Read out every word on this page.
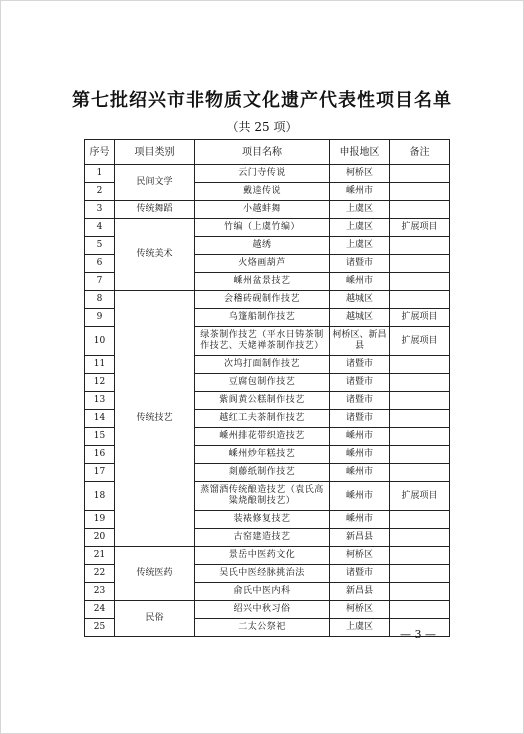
第七批绍兴市非物质文化遗产代表性项目名单
（共 25 项）
序号	项目类别	项目名称	申报地区	备注
1	民间文学	云门寺传说	柯桥区	
2		戴逵传说	嵊州市	
3	传统舞蹈	小越蚌舞	上虞区	
4	传统美术	竹编（上虞竹编）	上虞区	扩展项目
5		越绣	上虞区	
6		火烙画葫芦	诸暨市	
7		嵊州盆景技艺	嵊州市	
8	传统技艺	会稽砖砚制作技艺	越城区	
9		乌篷船制作技艺	越城区	扩展项目
10		绿茶制作技艺（平水日铸茶制作技艺、天姥禅茶制作技艺）	柯桥区、新昌县	扩展项目
11		次坞打面制作技艺	诸暨市	
12		豆腐包制作技艺	诸暨市	
13		紫阆黄公糕制作技艺	诸暨市	
14		越红工夫茶制作技艺	诸暨市	
15		嵊州排花带织造技艺	嵊州市	
16		嵊州炒年糕技艺	嵊州市	
17		剡藤纸制作技艺	嵊州市	
18		蒸馏酒传统酿造技艺（袁氏高粱烧酿制技艺）	嵊州市	扩展项目
19		装裱修复技艺	嵊州市	
20		古窑建造技艺	新昌县	
21	传统医药	景岳中医药文化	柯桥区	
22		吴氏中医经脉挑治法	诸暨市	
23		俞氏中医内科	新昌县	
24	民俗	绍兴中秋习俗	柯桥区	
25		二太公祭祀	上虞区	
— 3 —
